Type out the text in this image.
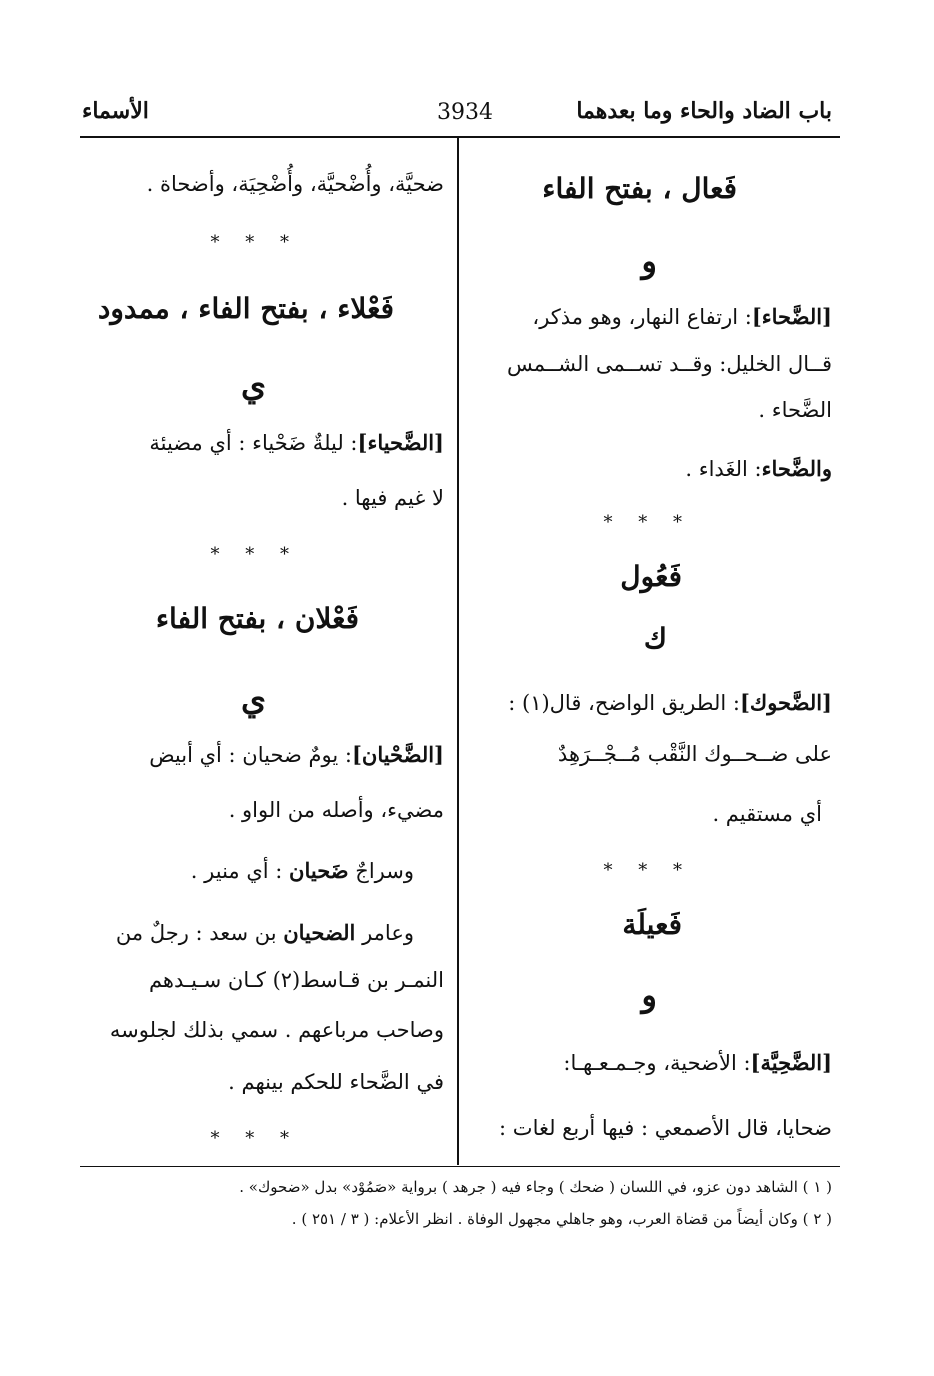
باب الضاد والحاء وما بعدهما
3934
الأسماء
فَعال ، بفتح الفاء
و
[الضَّحاء]: ارتفاع النهار، وهو مذكر،
قــال الخليل: وقــد تســمى الشــمس
الضَّحاء .
والضَّحاء: الغَداء .
* * *
فَعُول
ك
[الضَّحوك]: الطريق الواضح، قال(١) :
على ضــحــوك النَّقْب مُــجْــرَهِدٌ
أي مستقيم .
* * *
فَعيلَة
و
[الضَّحِيَّة]: الأضحية، وجـمـعـهـا:
ضحايا، قال الأصمعي : فيها أربع لغات :
ضحيَّة، وأُضْحيَّة، وأُضْحِيَة، وأضحاة .
* * *
فَعْلاء ، بفتح الفاء ، ممدود
ي
[الضَّحياء]: ليلةٌ ضَحْياء : أي مضيئة
لا غيم فيها .
* * *
فَعْلان ، بفتح الفاء
ي
[الضَّحْيان]: يومٌ ضحيان : أي أبيض
مضيء، وأصله من الواو .
وسراجٌ ضَحيان : أي منير .
وعامر الضحيان بن سعد : رجلٌ من
النمـر بن قـاسط(٢) كـان سـيـدهم
وصاحب مرباعهم . سمي بذلك لجلوسه
في الضَّحاء للحكم بينهم .
* * *
( ١ ) الشاهد دون عزو، في اللسان ( ضحك ) وجاء فيه ( جرهد ) برواية «صَمُوْد» بدل «ضحوك» .
( ٢ ) وكان أيضاً من قضاة العرب، وهو جاهلي مجهول الوفاة . انظر الأعلام: ( ٣ / ٢٥١ ) .
